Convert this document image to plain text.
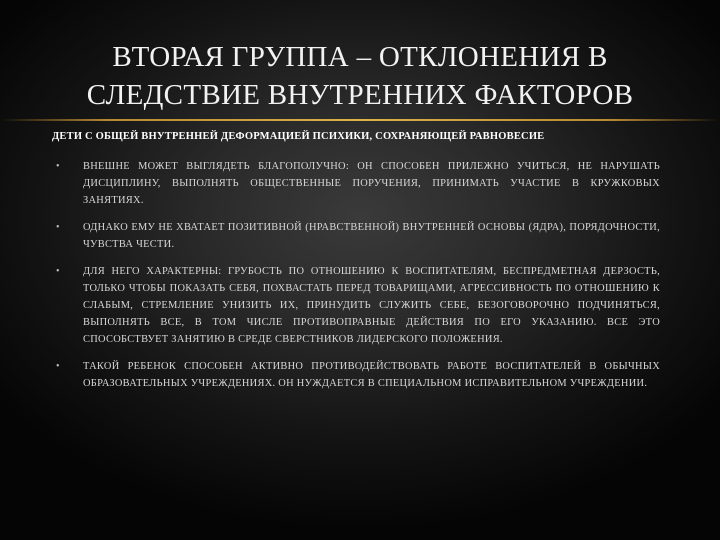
ВТОРАЯ ГРУППА – ОТКЛОНЕНИЯ В СЛЕДСТВИЕ ВНУТРЕННИХ ФАКТОРОВ

ДЕТИ С ОБЩЕЙ ВНУТРЕННЕЙ ДЕФОРМАЦИЕЙ ПСИХИКИ, СОХРАНЯЮЩЕЙ РАВНОВЕСИЕ

• ВНЕШНЕ МОЖЕТ ВЫГЛЯДЕТЬ БЛАГОПОЛУЧНО: ОН СПОСОБЕН ПРИЛЕЖНО УЧИТЬСЯ, НЕ НАРУШАТЬ ДИСЦИПЛИНУ, ВЫПОЛНЯТЬ ОБЩЕСТВЕННЫЕ ПОРУЧЕНИЯ, ПРИНИМАТЬ УЧАСТИЕ В КРУЖКОВЫХ ЗАНЯТИЯХ.
• ОДНАКО ЕМУ НЕ ХВАТАЕТ ПОЗИТИВНОЙ (НРАВСТВЕННОЙ) ВНУТРЕННЕЙ ОСНОВЫ (ЯДРА), ПОРЯДОЧНОСТИ, ЧУВСТВА ЧЕСТИ.
• ДЛЯ НЕГО ХАРАКТЕРНЫ: ГРУБОСТЬ ПО ОТНОШЕНИЮ К ВОСПИТАТЕЛЯМ, БЕСПРЕДМЕТНАЯ ДЕРЗОСТЬ, ТОЛЬКО ЧТОБЫ ПОКАЗАТЬ СЕБЯ, ПОХВАСТАТЬ ПЕРЕД ТОВАРИЩАМИ, АГРЕССИВНОСТЬ ПО ОТНОШЕНИЮ К СЛАБЫМ, СТРЕМЛЕНИЕ УНИЗИТЬ ИХ, ПРИНУДИТЬ СЛУЖИТЬ СЕБЕ, БЕЗОГОВОРОЧНО ПОДЧИНЯТЬСЯ, ВЫПОЛНЯТЬ ВСЕ, В ТОМ ЧИСЛЕ ПРОТИВОПРАВНЫЕ ДЕЙСТВИЯ ПО ЕГО УКАЗАНИЮ. ВСЕ ЭТО СПОСОБСТВУЕТ ЗАНЯТИЮ В СРЕДЕ СВЕРСТНИКОВ ЛИДЕРСКОГО ПОЛОЖЕНИЯ.
• ТАКОЙ РЕБЕНОК СПОСОБЕН АКТИВНО ПРОТИВОДЕЙСТВОВАТЬ РАБОТЕ ВОСПИТАТЕЛЕЙ В ОБЫЧНЫХ ОБРАЗОВАТЕЛЬНЫХ УЧРЕЖДЕНИЯХ. ОН НУЖДАЕТСЯ В СПЕЦИАЛЬНОМ ИСПРАВИТЕЛЬНОМ УЧРЕЖДЕНИИ.
